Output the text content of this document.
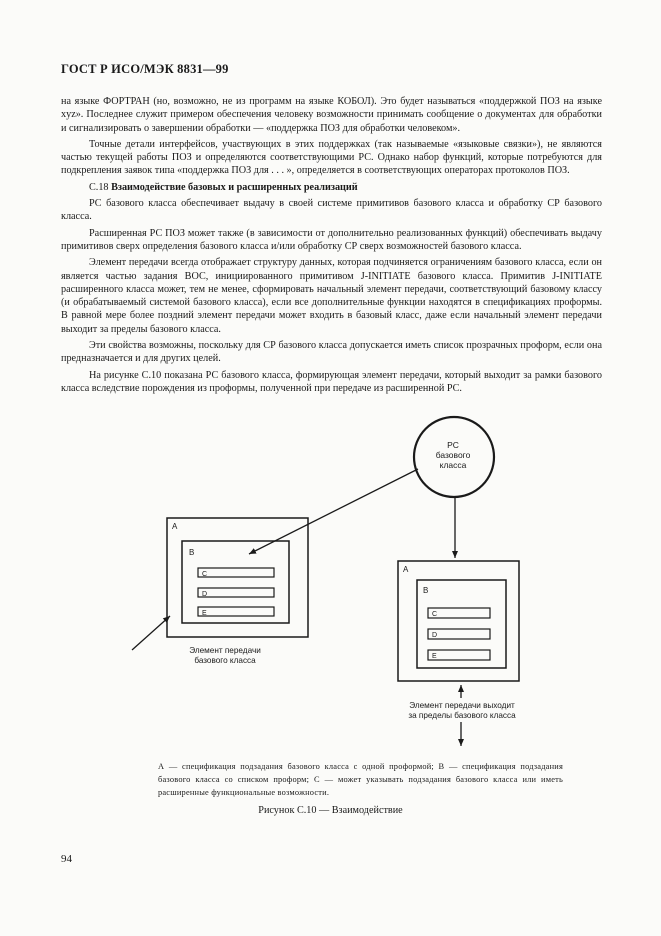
ГОСТ Р ИСО/МЭК 8831—99

на языке ФОРТРАН (но, возможно, не из программ на языке КОБОЛ). Это будет называться «поддержкой ПОЗ на языке xyz». Последнее служит примером обеспечения человеку возможности принимать сообщение о документах для обработки и сигнализировать о завершении обработки — «поддержка ПОЗ для обработки человеком».

Точные детали интерфейсов, участвующих в этих поддержках (так называемые «языковые связки»), не являются частью текущей работы ПОЗ и определяются соответствующими РС. Однако набор функций, которые потребуются для подкрепления заявок типа «поддержка ПОЗ для . . . », определяется в соответствующих операторах протоколов ПОЗ.

С.18 Взаимодействие базовых и расширенных реализаций

РС базового класса обеспечивает выдачу в своей системе примитивов базового класса и обработку СР базового класса.

Расширенная РС ПОЗ может также (в зависимости от дополнительно реализованных функций) обеспечивать выдачу примитивов сверх определения базового класса и/или обработку СР сверх возможностей базового класса.

Элемент передачи всегда отображает структуру данных, которая подчиняется ограничениям базового класса, если он является частью задания ВОС, инициированного примитивом J-INITIATE базового класса. Примитив J-INITIATE расширенного класса может, тем не менее, сформировать начальный элемент передачи, соответствующий базовому классу (и обрабатываемый системой базового класса), если все дополнительные функции находятся в спецификациях проформы. В равной мере более поздний элемент передачи может входить в базовый класс, даже если начальный элемент передачи выходит за пределы базового класса.

Эти свойства возможны, поскольку для СР базового класса допускается иметь список прозрачных проформ, если она предназначается и для других целей.

На рисунке С.10 показана РС базового класса, формирующая элемент передачи, который выходит за рамки базового класса вследствие порождения из проформы, полученной при передаче из расширенной РС.

РС
базового
класса
A
B
C
D
E
A
B
C
D
E
Элемент передачи
базового класса
Элемент передачи выходит
за пределы базового класса
А — спецификация подзадания базового класса с одной проформой; В — спецификация подзадания базового класса со списком проформ; С — может указывать подзадания базового класса или иметь расширенные функциональные возможности.
Рисунок С.10 — Взаимодействие
94
